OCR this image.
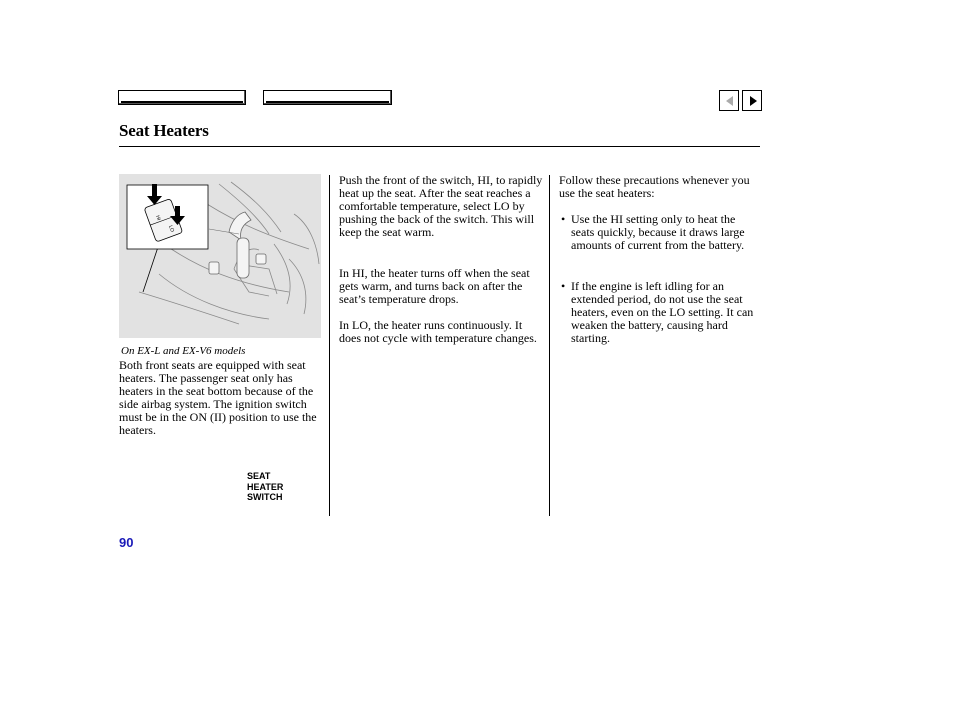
Seat Heaters
HI
LO
SEAT
HEATER
SWITCH
On EX-L and EX-V6 models

Both front seats are equipped with seat heaters. The passenger seat only has heaters in the seat bottom because of the side airbag system. The ignition switch must be in the ON (II) position to use the heaters.

Push the front of the switch, HI, to rapidly heat up the seat. After the seat reaches a comfortable temperature, select LO by pushing the back of the switch. This will keep the seat warm.

In HI, the heater turns off when the seat gets warm, and turns back on after the seat’s temperature drops.

In LO, the heater runs continuously. It does not cycle with temperature changes.

Follow these precautions whenever you use the seat heaters:

• Use the HI setting only to heat the seats quickly, because it draws large amounts of current from the battery.
• If the engine is left idling for an extended period, do not use the seat heaters, even on the LO setting. It can weaken the battery, causing hard starting.
90
